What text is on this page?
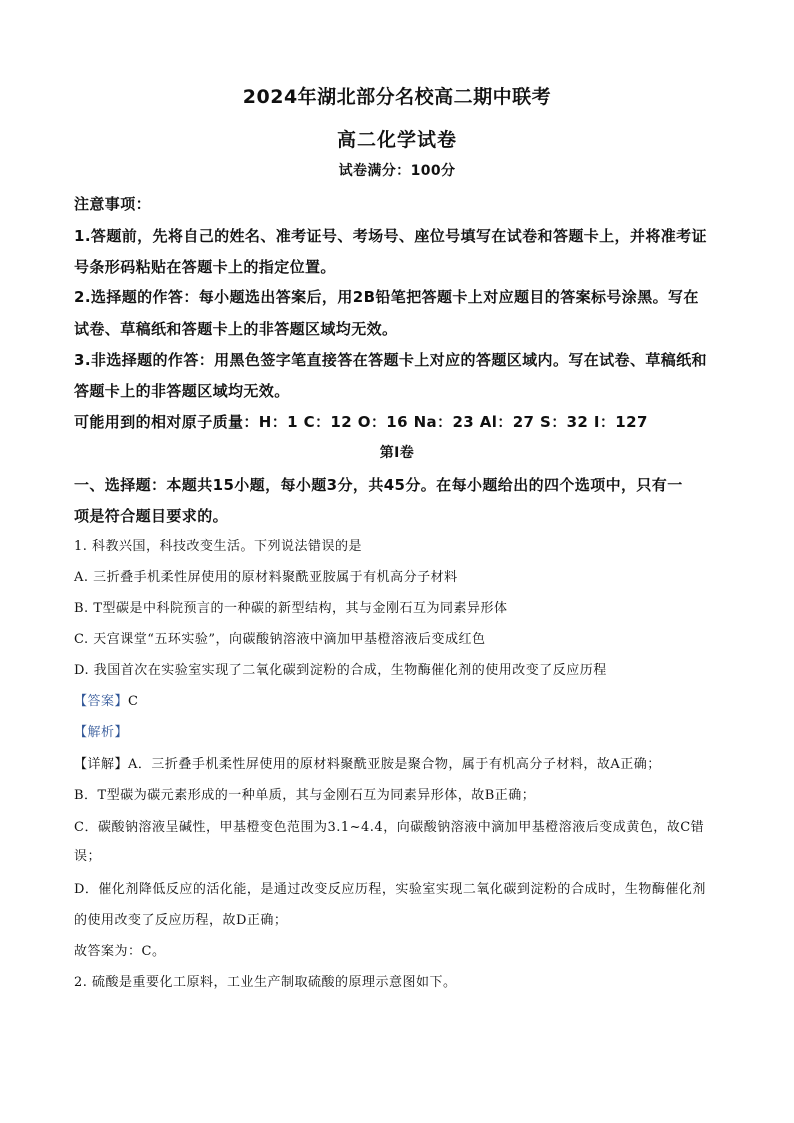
2024年湖北部分名校高二期中联考
高二化学试卷
试卷满分：100分
注意事项：
1.答题前，先将自己的姓名、准考证号、考场号、座位号填写在试卷和答题卡上，并将准考证
号条形码粘贴在答题卡上的指定位置。
2.选择题的作答：每小题选出答案后，用2B铅笔把答题卡上对应题目的答案标号涂黑。写在
试卷、草稿纸和答题卡上的非答题区域均无效。
3.非选择题的作答：用黑色签字笔直接答在答题卡上对应的答题区域内。写在试卷、草稿纸和
答题卡上的非答题区域均无效。
可能用到的相对原子质量：H：1 C：12 O：16 Na：23 Al：27 S：32 I：127
第Ⅰ卷
一、选择题：本题共15小题，每小题3分，共45分。在每小题给出的四个选项中，只有一
项是符合题目要求的。
1. 科教兴国，科技改变生活。下列说法错误的是
A. 三折叠手机柔性屏使用的原材料聚酰亚胺属于有机高分子材料
B. T型碳是中科院预言的一种碳的新型结构，其与金刚石互为同素异形体
C. 天宫课堂“五环实验”，向碳酸钠溶液中滴加甲基橙溶液后变成红色
D. 我国首次在实验室实现了二氧化碳到淀粉的合成，生物酶催化剂的使用改变了反应历程
【答案】C
【解析】
【详解】A．三折叠手机柔性屏使用的原材料聚酰亚胺是聚合物，属于有机高分子材料，故A正确；
B．T型碳为碳元素形成的一种单质，其与金刚石互为同素异形体，故B正确；
C．碳酸钠溶液呈碱性，甲基橙变色范围为3.1~4.4，向碳酸钠溶液中滴加甲基橙溶液后变成黄色，故C错
误；
D．催化剂降低反应的活化能，是通过改变反应历程，实验室实现二氧化碳到淀粉的合成时，生物酶催化剂
的使用改变了反应历程，故D正确；
故答案为：C。
2. 硫酸是重要化工原料，工业生产制取硫酸的原理示意图如下。
